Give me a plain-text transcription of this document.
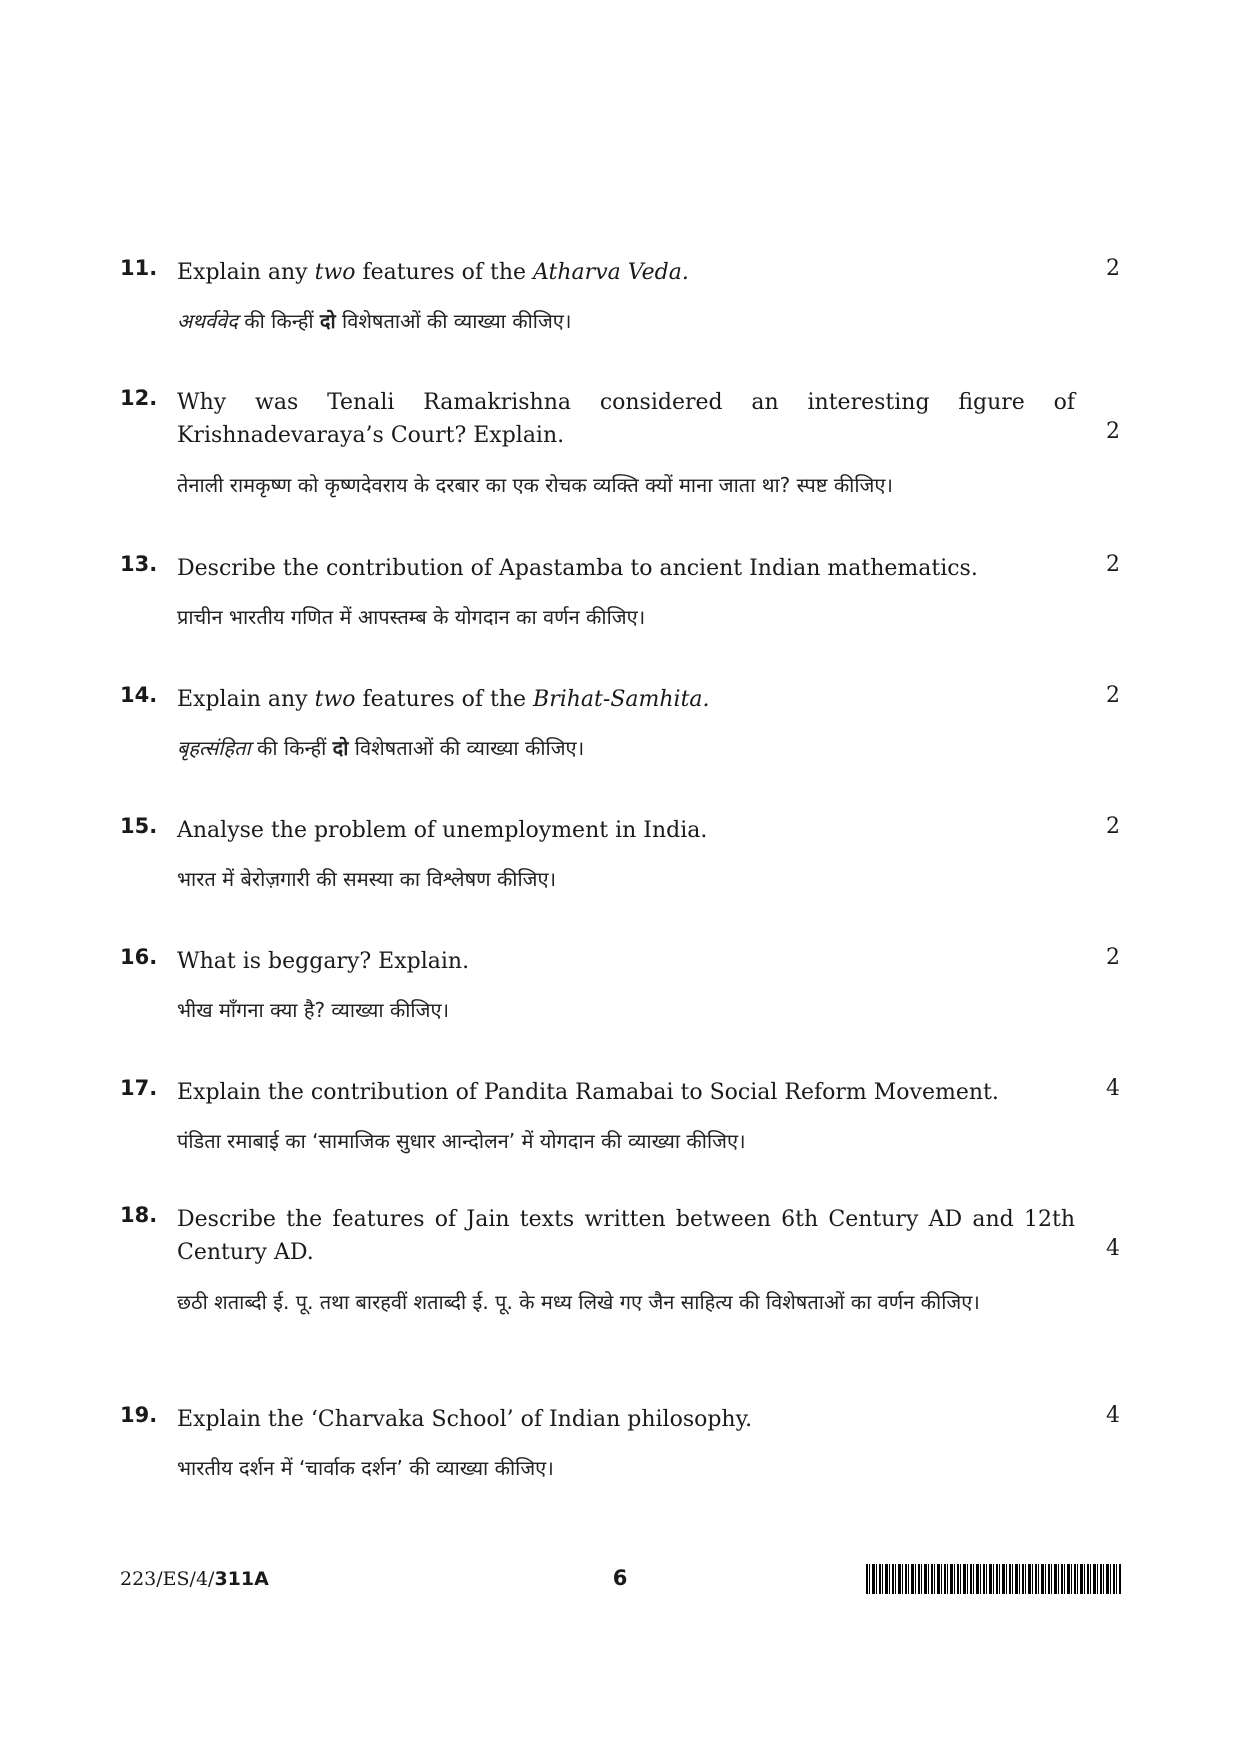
11. Explain any two features of the Atharva Veda.
अथर्ववेद की किन्हीं दो विशेषताओं की व्याख्या कीजिए।
2
12. Why was Tenali Ramakrishna considered an interesting figure of Krishnadevaraya’s Court? Explain.
तेनाली रामकृष्ण को कृष्णदेवराय के दरबार का एक रोचक व्यक्ति क्यों माना जाता था? स्पष्ट कीजिए।
2
13. Describe the contribution of Apastamba to ancient Indian mathematics.
प्राचीन भारतीय गणित में आपस्तम्ब के योगदान का वर्णन कीजिए।
2
14. Explain any two features of the Brihat-Samhita.
बृहत्संहिता की किन्हीं दो विशेषताओं की व्याख्या कीजिए।
2
15. Analyse the problem of unemployment in India.
भारत में बेरोज़गारी की समस्या का विश्लेषण कीजिए।
2
16. What is beggary? Explain.
भीख माँगना क्या है? व्याख्या कीजिए।
2
17. Explain the contribution of Pandita Ramabai to Social Reform Movement.
पंडिता रमाबाई का ‘सामाजिक सुधार आन्दोलन’ में योगदान की व्याख्या कीजिए।
4
18. Describe the features of Jain texts written between 6th Century AD and 12th Century AD.
छठी शताब्दी ई. पू. तथा बारहवीं शताब्दी ई. पू. के मध्य लिखे गए जैन साहित्य की विशेषताओं का वर्णन कीजिए।
4
19. Explain the ‘Charvaka School’ of Indian philosophy.
भारतीय दर्शन में ‘चार्वाक दर्शन’ की व्याख्या कीजिए।
4
223/ES/4/311A	6
